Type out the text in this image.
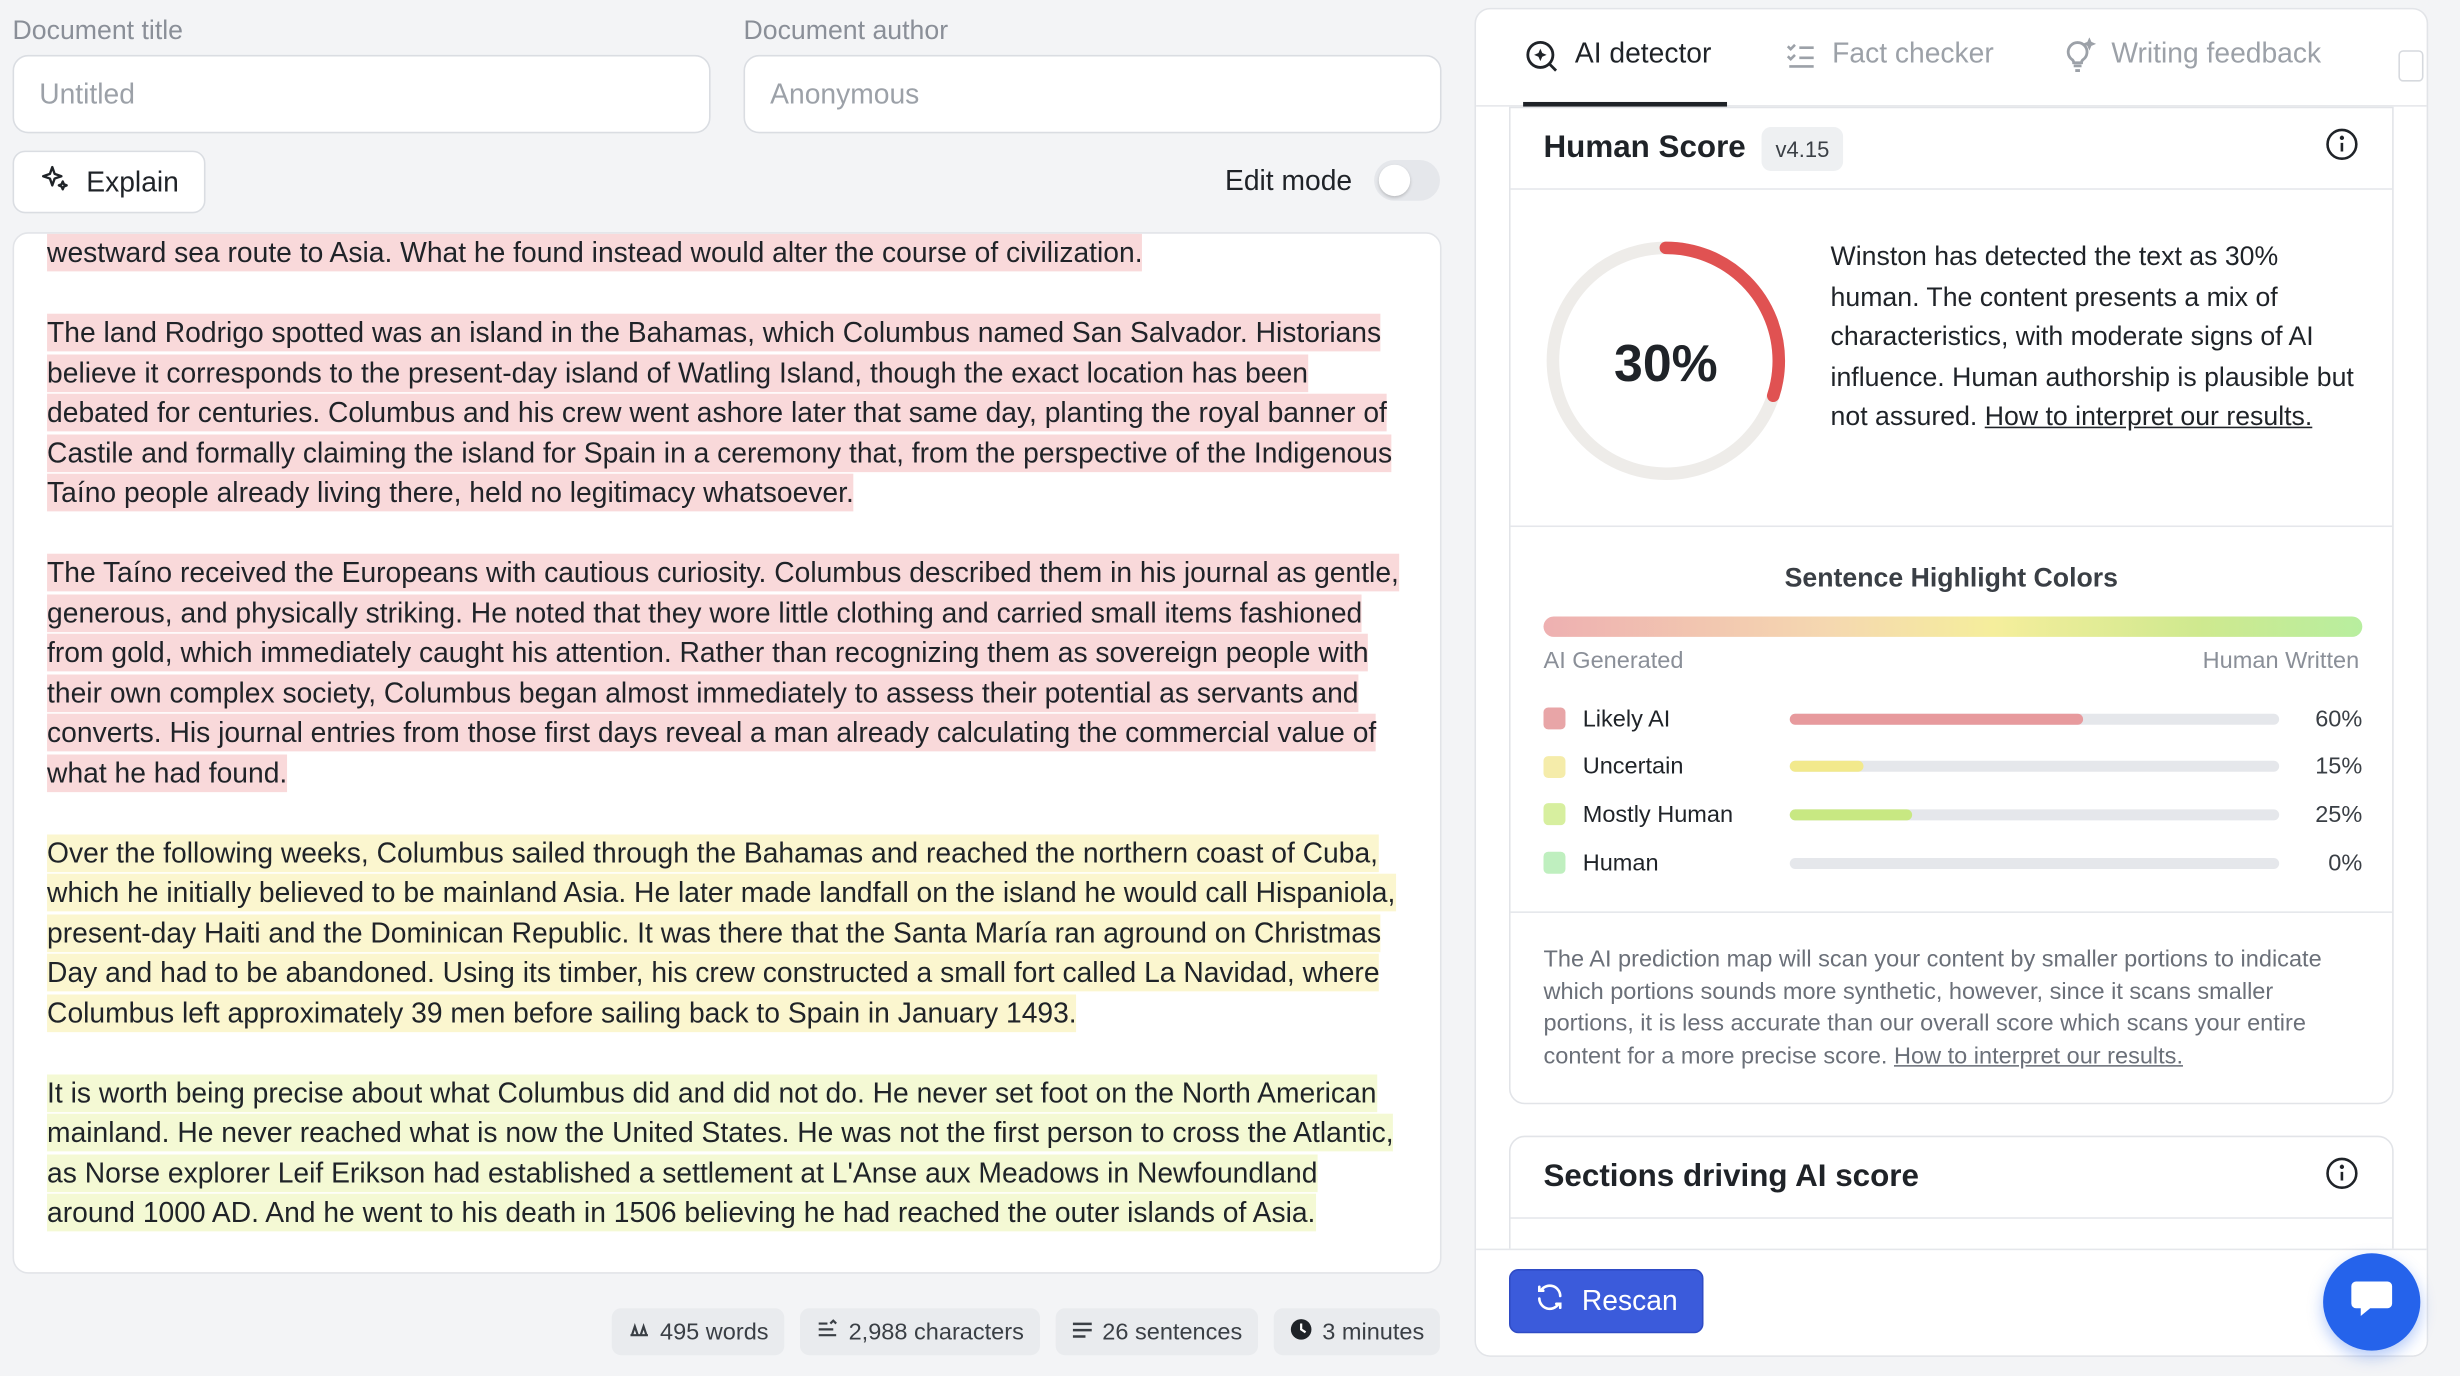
Document title
Untitled
Document author
Anonymous
Explain	Edit mode
westward sea route to Asia. What he found instead would alter the course of civilization.
The land Rodrigo spotted was an island in the Bahamas, which Columbus named San Salvador. Historians believe it corresponds to the present-day island of Watling Island, though the exact location has been debated for centuries. Columbus and his crew went ashore later that same day, planting the royal banner of Castile and formally claiming the island for Spain in a ceremony that, from the perspective of the Indigenous Taíno people already living there, held no legitimacy whatsoever.
The Taíno received the Europeans with cautious curiosity. Columbus described them in his journal as gentle, generous, and physically striking. He noted that they wore little clothing and carried small items fashioned from gold, which immediately caught his attention. Rather than recognizing them as sovereign people with their own complex society, Columbus began almost immediately to assess their potential as servants and converts. His journal entries from those first days reveal a man already calculating the commercial value of what he had found.
Over the following weeks, Columbus sailed through the Bahamas and reached the northern coast of Cuba, which he initially believed to be mainland Asia. He later made landfall on the island he would call Hispaniola, present-day Haiti and the Dominican Republic. It was there that the Santa María ran aground on Christmas Day and had to be abandoned. Using its timber, his crew constructed a small fort called La Navidad, where Columbus left approximately 39 men before sailing back to Spain in January 1493.
It is worth being precise about what Columbus did and did not do. He never set foot on the North American mainland. He never reached what is now the United States. He was not the first person to cross the Atlantic, as Norse explorer Leif Erikson had established a settlement at L'Anse aux Meadows in Newfoundland around 1000 AD. And he went to his death in 1506 believing he had reached the outer islands of Asia.
495 words	2,988 characters	26 sentences	3 minutes
AI detector	Fact checker	Writing feedback
Human Score	v4.15
30%
Winston has detected the text as 30% human. The content presents a mix of characteristics, with moderate signs of AI influence. Human authorship is plausible but not assured. How to interpret our results.
Sentence Highlight Colors
AI Generated	Human Written
Likely AI	60%
Uncertain	15%
Mostly Human	25%
Human	0%
The AI prediction map will scan your content by smaller portions to indicate which portions sounds more synthetic, however, since it scans smaller portions, it is less accurate than our overall score which scans your entire content for a more precise score. How to interpret our results.
Sections driving AI score
Rescan
